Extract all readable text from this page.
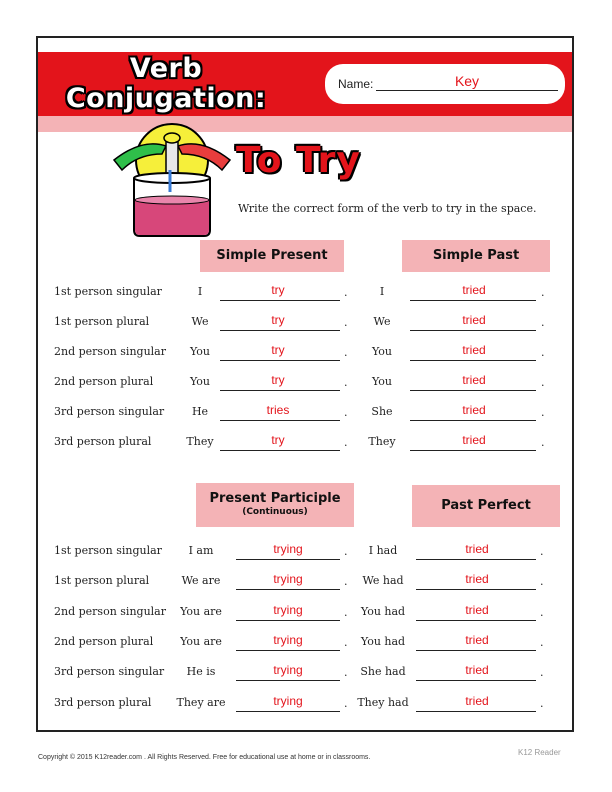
Verb
Conjugation:	Name:	Key
To Try
Write the correct form of the verb to try in the space.
Simple Present	Simple Past
Present Participle
(Continuous)	Past Perfect
Copyright © 2015 K12reader.com . All Rights Reserved. Free for educational use at home or in classrooms.
K12 Reader
1st person singular	I	try	.	I	tried	.
1st person plural	We	try	.	We	tried	.
2nd person singular	You	try	.	You	tried	.
2nd person plural	You	try	.	You	tried	.
3rd person singular	He	tries	.	She	tried	.
3rd person plural	They	try	.	They	tried	.
1st person singular	I am	trying	.	I had	tried	.
1st person plural	We are	trying	.	We had	tried	.
2nd person singular	You are	trying	.	You had	tried	.
2nd person plural	You are	trying	.	You had	tried	.
3rd person singular	He is	trying	.	She had	tried	.
3rd person plural	They are	trying	. They had	tried	.
